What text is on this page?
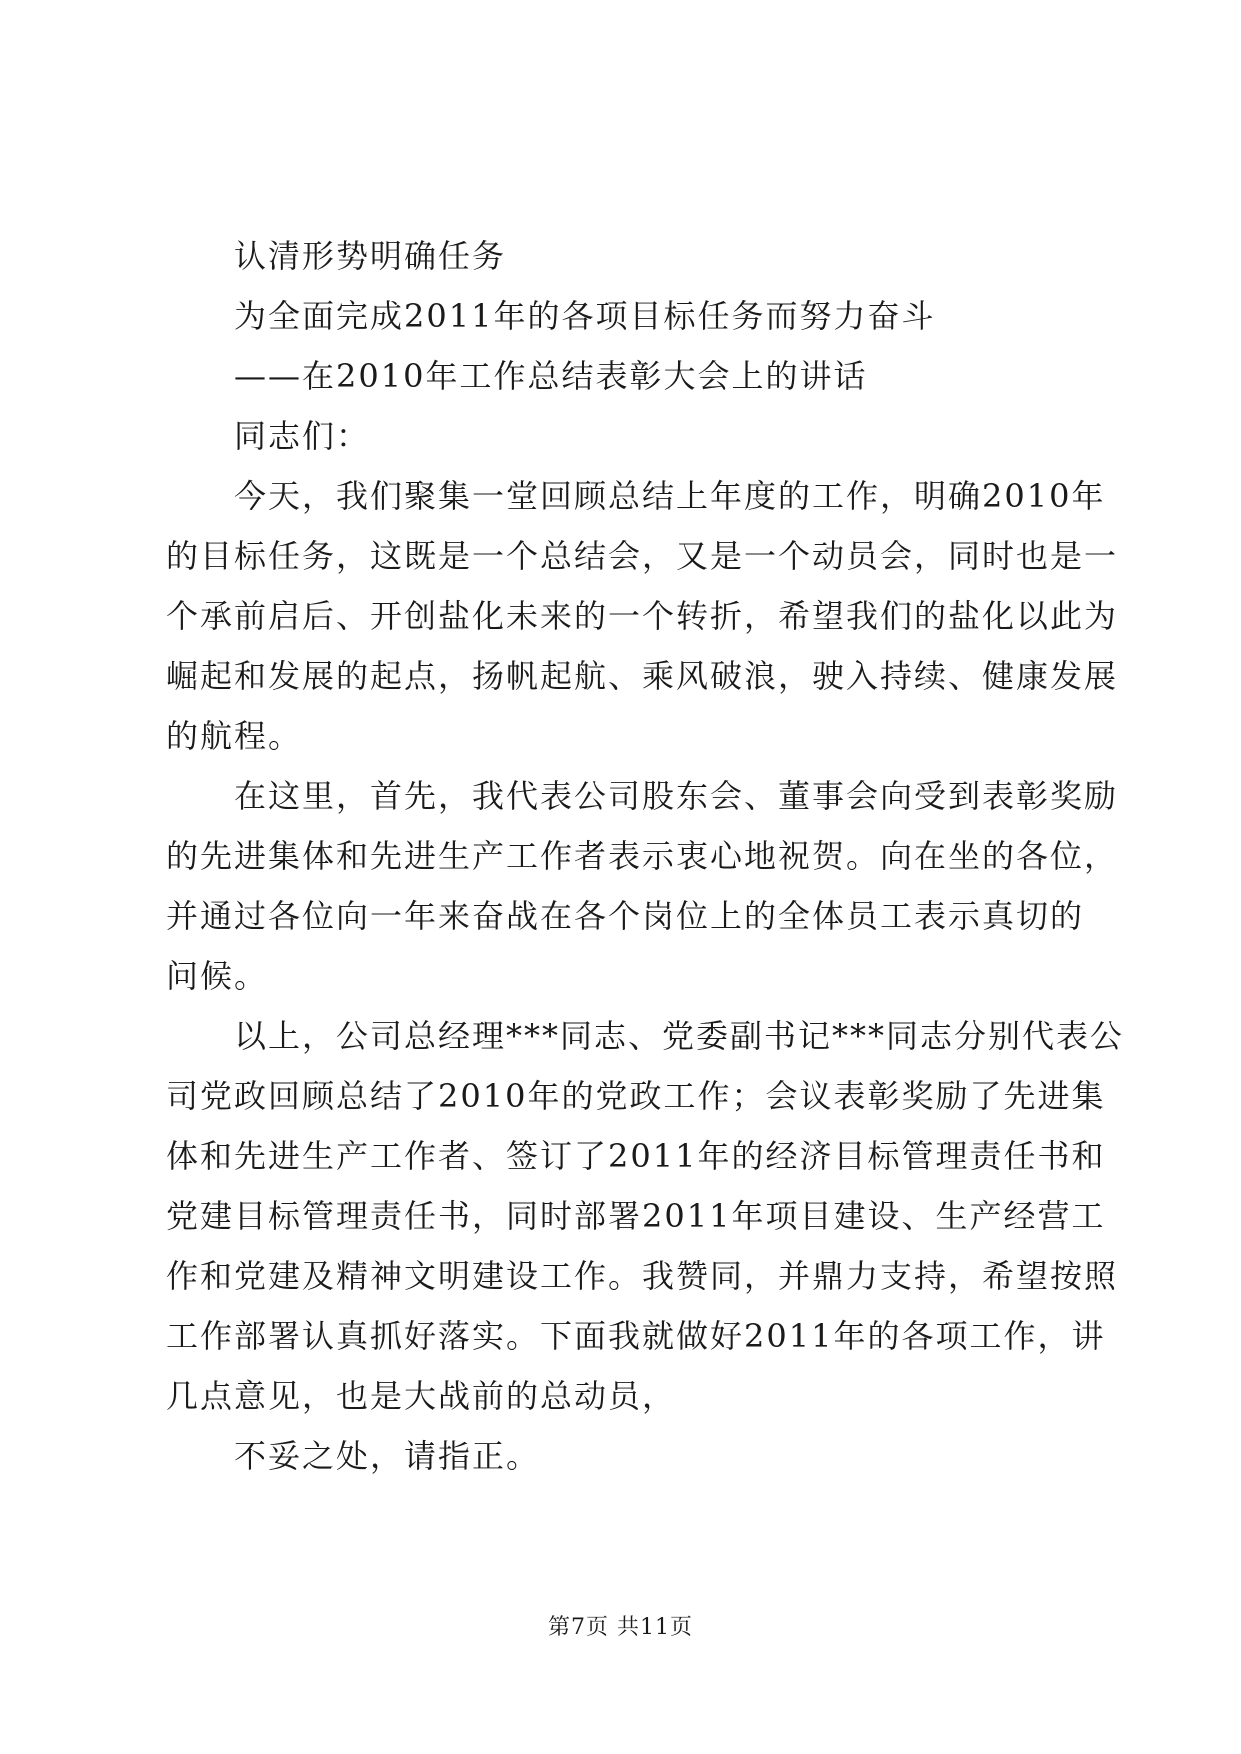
认清形势明确任务
为全面完成2011年的各项目标任务而努力奋斗
——在2010年工作总结表彰大会上的讲话
同志们：
今天，我们聚集一堂回顾总结上年度的工作，明确2010年
的目标任务，这既是一个总结会，又是一个动员会，同时也是一
个承前启后、开创盐化未来的一个转折，希望我们的盐化以此为
崛起和发展的起点，扬帆起航、乘风破浪，驶入持续、健康发展
的航程。
在这里，首先，我代表公司股东会、董事会向受到表彰奖励
的先进集体和先进生产工作者表示衷心地祝贺。向在坐的各位，
并通过各位向一年来奋战在各个岗位上的全体员工表示真切的
问候。
以上，公司总经理***同志、党委副书记***同志分别代表公
司党政回顾总结了2010年的党政工作；会议表彰奖励了先进集
体和先进生产工作者、签订了2011年的经济目标管理责任书和
党建目标管理责任书，同时部署2011年项目建设、生产经营工
作和党建及精神文明建设工作。我赞同，并鼎力支持，希望按照
工作部署认真抓好落实。下面我就做好2011年的各项工作，讲
几点意见，也是大战前的总动员，
不妥之处，请指正。
第7页 共11页
